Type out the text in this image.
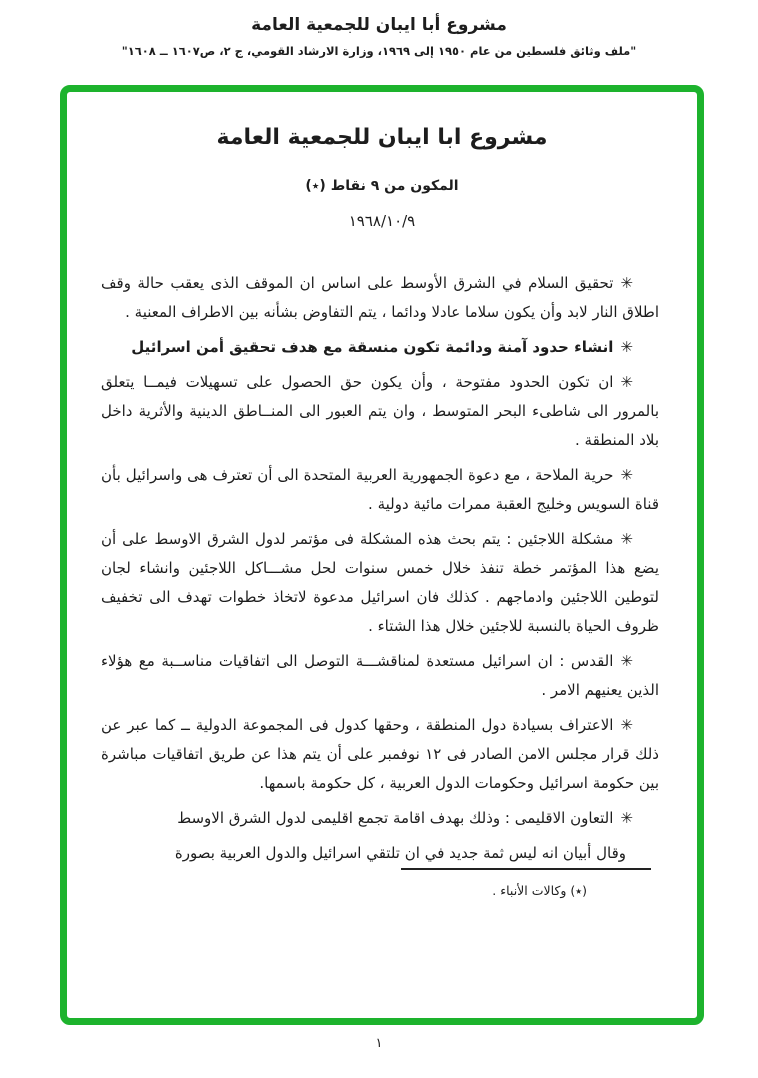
مشروع أبا ايبان للجمعية العامة
"ملف وثائق فلسطين من عام ١٩٥٠ إلى ١٩٦٩، وزارة الارشاد القومي، ج ٢، ص١٦٠٧ ــ ١٦٠٨"
مشروع ابا ايبان للجمعية العامة
المكون من ٩ نقاط (٭)
١٩٦٨/١٠/٩

✳تحقيق السلام في الشرق الأوسط على اساس ان الموقف الذى يعقب حالة وقف اطلاق النار لابد وأن يكون سلاما عادلا ودائما ، يتم التفاوض بشأنه بين الاطراف المعنية .

✳انشاء حدود آمنة ودائمة تكون منسقة مع هدف تحقيق أمن اسرائيل

✳ان تكون الحدود مفتوحة ، وأن يكون حق الحصول على تسهيلات فيمــا يتعلق بالمرور الى شاطىء البحر المتوسط ، وان يتم العبور الى المنــاطق الدينية والأثرية داخل بلاد المنطقة .

✳حرية الملاحة ، مع دعوة الجمهورية العربية المتحدة الى أن تعترف هى واسرائيل بأن قناة السويس وخليج العقبة ممرات مائية دولية .

✳مشكلة اللاجئين : يتم بحث هذه المشكلة فى مؤتمر لدول الشرق الاوسط على أن يضع هذا المؤتمر خطة تنفذ خلال خمس سنوات لحل مشـــاكل اللاجئين وانشاء لجان لتوطين اللاجئين وادماجهم . كذلك فان اسرائيل مدعوة لاتخاذ خطوات تهدف الى تخفيف ظروف الحياة بالنسبة للاجئين خلال هذا الشتاء .

✳القدس : ان اسرائيل مستعدة لمناقشـــة التوصل الى اتفاقيات مناســبة مع هؤلاء الذين يعنيهم الامر .

✳الاعتراف بسيادة دول المنطقة ، وحقها كدول فى المجموعة الدولية ــ كما عبر عن ذلك قرار مجلس الامن الصادر فى ١٢ نوفمبر على أن يتم هذا عن طريق اتفاقيات مباشرة بين حكومة اسرائيل وحكومات الدول العربية ، كل حكومة باسمها.

✳التعاون الاقليمى : وذلك بهدف اقامة تجمع اقليمى لدول الشرق الاوسط

وقال أبيان انه ليس ثمة جديد في ان تلتقي اسرائيل والدول العربية بصورة

(٭) وكالات الأنباء .
١
